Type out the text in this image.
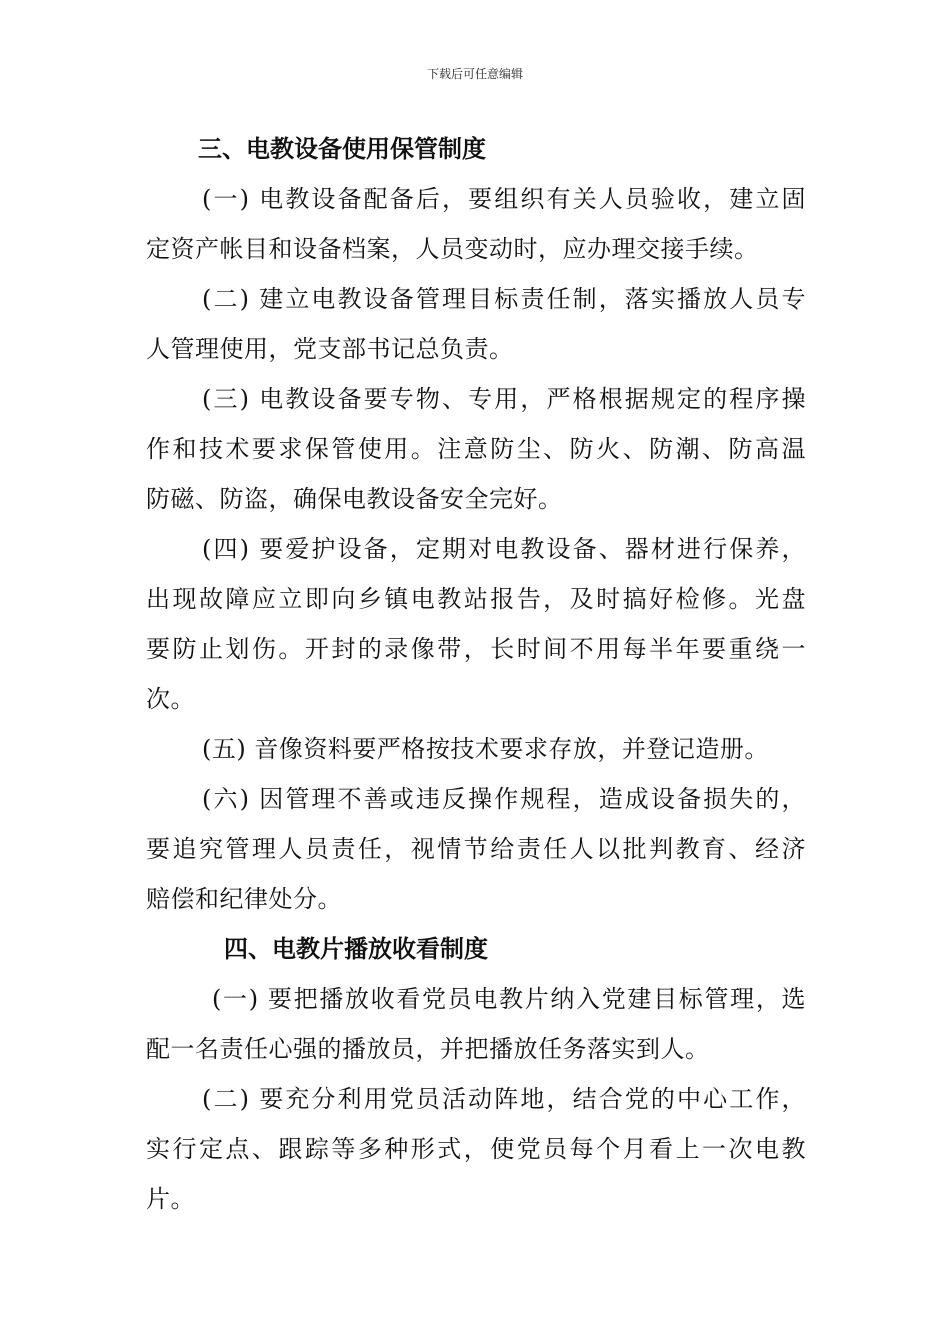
下载后可任意编辑
三、电教设备使用保管制度
(一) 电教设备配备后，要组织有关人员验收，建立固
定资产帐目和设备档案，人员变动时，应办理交接手续。
(二) 建立电教设备管理目标责任制，落实播放人员专
人管理使用，党支部书记总负责。
(三) 电教设备要专物、专用，严格根据规定的程序操
作和技术要求保管使用。注意防尘、防火、防潮、防高温
防磁、防盗，确保电教设备安全完好。
(四) 要爱护设备，定期对电教设备、器材进行保养，
出现故障应立即向乡镇电教站报告，及时搞好检修。光盘
要防止划伤。开封的录像带，长时间不用每半年要重绕一
次。
(五) 音像资料要严格按技术要求存放，并登记造册。
(六) 因管理不善或违反操作规程，造成设备损失的，
要追究管理人员责任，视情节给责任人以批判教育、经济
赔偿和纪律处分。
四、电教片播放收看制度
(一) 要把播放收看党员电教片纳入党建目标管理，选
配一名责任心强的播放员，并把播放任务落实到人。
(二) 要充分利用党员活动阵地，结合党的中心工作，
实行定点、跟踪等多种形式，使党员每个月看上一次电教
片。
